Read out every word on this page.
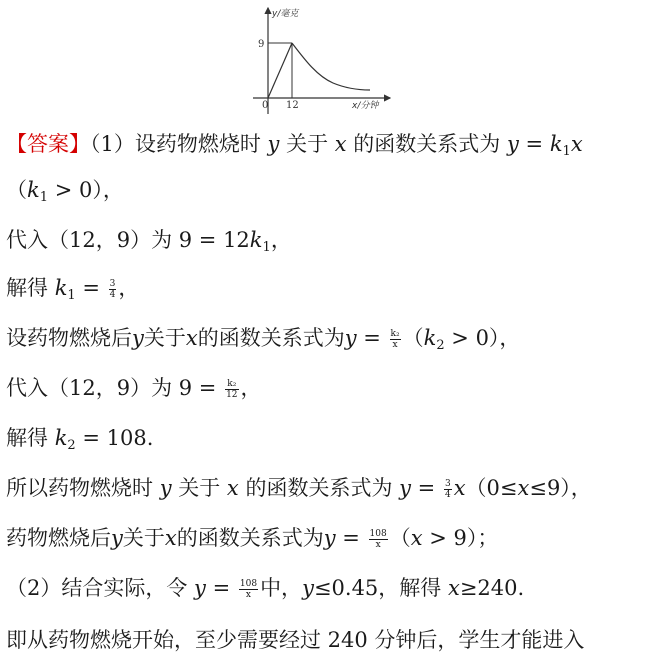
y/毫克
9
0 12	x/分钟
【答案】（1）设药物燃烧时 y 关于 x 的函数关系式为 $y = k_1x$
$(k_1 > 0)$，
代入（12，9）为 $9 = 12k_1$，
解得 $k_1 = \frac{3}{4}$ ，
设药物燃烧后y关于x的函数关系式为$y = \frac{\text{k₂}}{x} (k_2 > 0)$，
代入（12，9）为 $9 = \frac{\text{k₂}}{12}$ ，
解得 $k_2 = 108$.
所以药物燃烧时 y 关于 x 的函数关系式为 $y = \frac{3}{4} x(0\le x\le 9)$，
药物燃烧后y关于x的函数关系式为$y = \frac{108}{x} (x > 9)$；
（2）结合实际，令 $y = \frac{108}{x}$ 中，y≤0.45，解得 x≥240.
即从药物燃烧开始，至少需要经过 240 分钟后，学生才能进入
